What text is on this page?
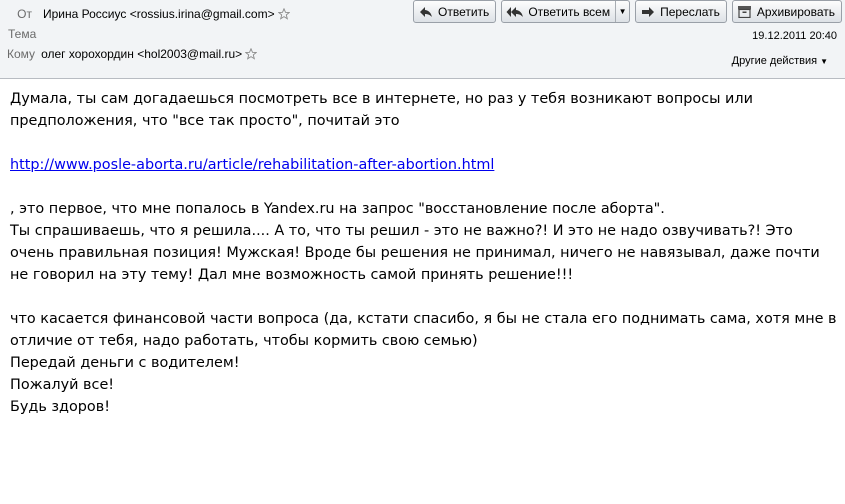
От Ирина Россиус <rossius.irina@gmail.com>
Тема
Кому олег хорохордин <hol2003@mail.ru>
Ответить	Ответить всем	▼	Переслать	Архивировать
19.12.2011 20:40
Другие действия ▼

Думала, ты сам догадаешься посмотреть все в интернете, но раз у тебя возникают вопросы или предположения, что "все так просто", почитай это

http://www.posle-aborta.ru/article/rehabilitation-after-abortion.html

, это первое, что мне попалось в Yandex.ru на запрос "восстановление после аборта".

Ты спрашиваешь, что я решила.... А то, что ты решил - это не важно?! И это не надо озвучивать?! Это очень правильная позиция! Мужская! Вроде бы решения не принимал, ничего не навязывал, даже почти не говорил на эту тему! Дал мне возможность самой принять решение!!!

что касается финансовой части вопроса (да, кстати спасибо, я бы не стала его поднимать сама, хотя мне в отличие от тебя, надо работать, чтобы кормить свою семью)

Передай деньги с водителем!

Пожалуй все!

Будь здоров!
